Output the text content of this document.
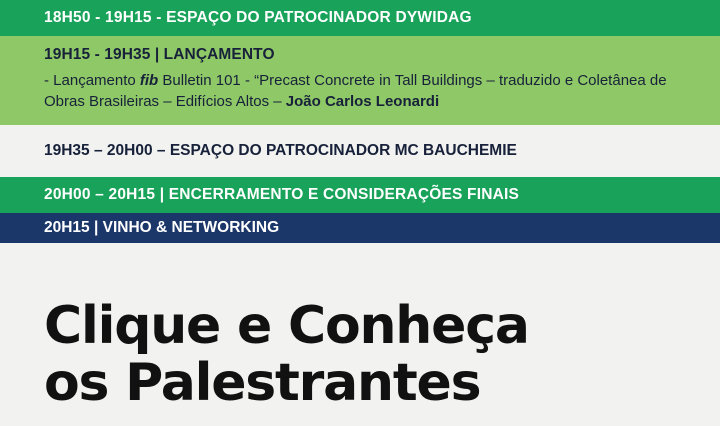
18H50 - 19H15 - ESPAÇO DO PATROCINADOR DYWIDAG

19H15 - 19H35 | LANÇAMENTO

- Lançamento fib Bulletin 101 - “Precast Concrete in Tall Buildings – traduzido e Coletânea de Obras Brasileiras – Edifícios Altos – João Carlos Leonardi

19H35 – 20H00 – ESPAÇO DO PATROCINADOR MC BAUCHEMIE
20H00 – 20H15 | ENCERRAMENTO E CONSIDERAÇÕES FINAIS
20H15 | VINHO & NETWORKING

Clique e Conheça

os Palestrantes
